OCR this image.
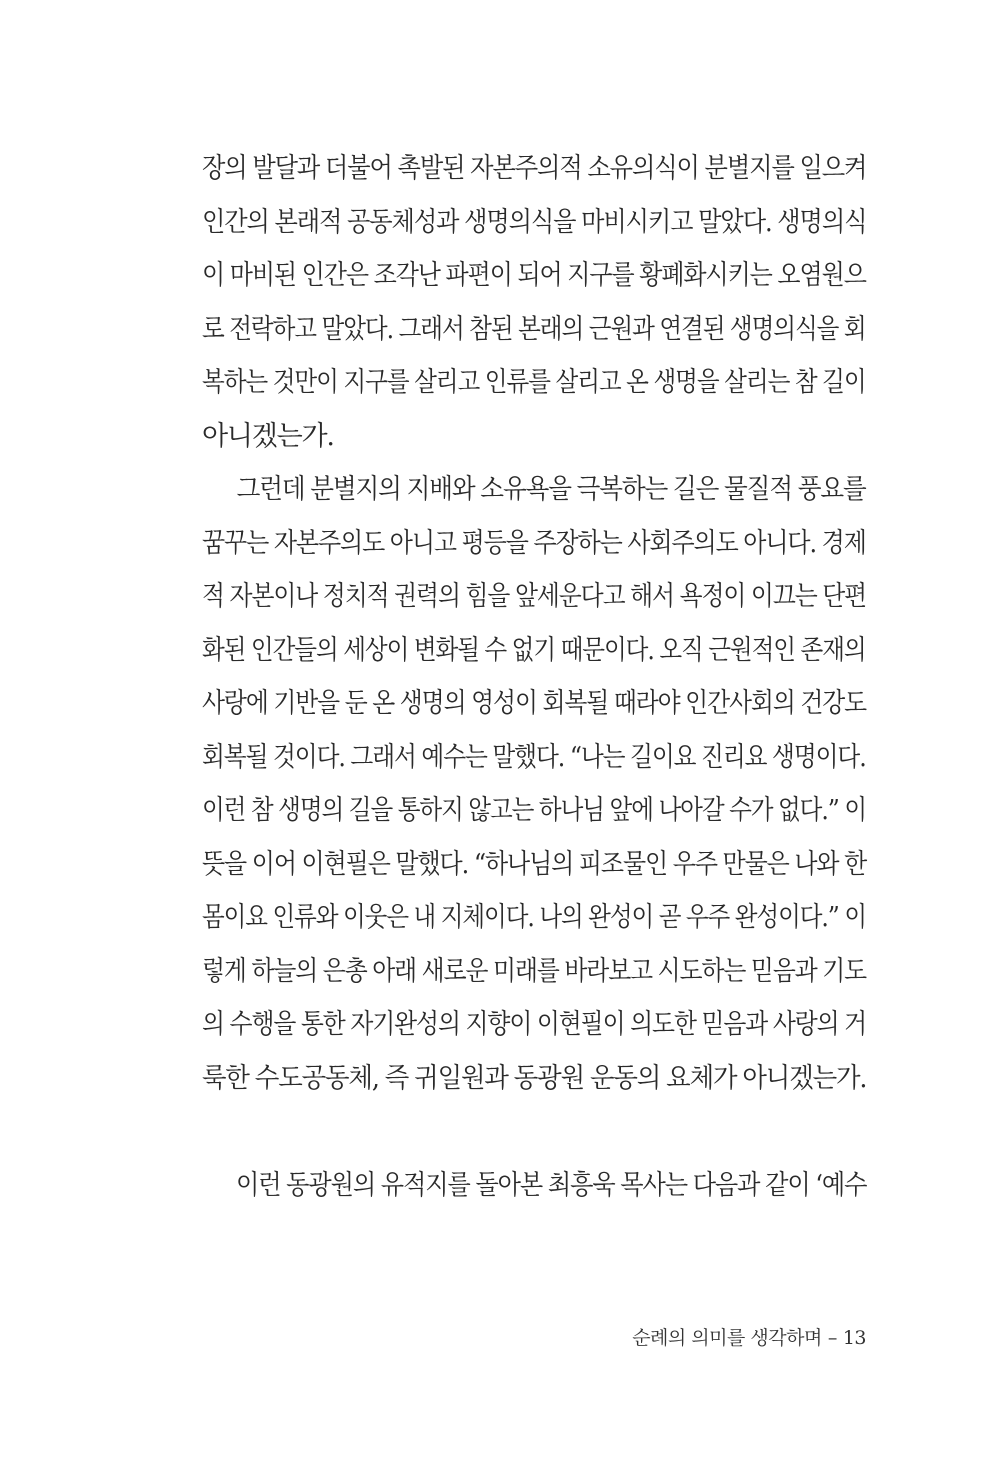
장의 발달과 더불어 촉발된 자본주의적 소유의식이 분별지를 일으켜
인간의 본래적 공동체성과 생명의식을 마비시키고 말았다. 생명의식
이 마비된 인간은 조각난 파편이 되어 지구를 황폐화시키는 오염원으
로 전락하고 말았다. 그래서 참된 본래의 근원과 연결된 생명의식을 회
복하는 것만이 지구를 살리고 인류를 살리고 온 생명을 살리는 참 길이
아니겠는가.
그런데 분별지의 지배와 소유욕을 극복하는 길은 물질적 풍요를
꿈꾸는 자본주의도 아니고 평등을 주장하는 사회주의도 아니다. 경제
적 자본이나 정치적 권력의 힘을 앞세운다고 해서 욕정이 이끄는 단편
화된 인간들의 세상이 변화될 수 없기 때문이다. 오직 근원적인 존재의
사랑에 기반을 둔 온 생명의 영성이 회복될 때라야 인간사회의 건강도
회복될 것이다. 그래서 예수는 말했다. “나는 길이요 진리요 생명이다.
이런 참 생명의 길을 통하지 않고는 하나님 앞에 나아갈 수가 없다.” 이
뜻을 이어 이현필은 말했다. “하나님의 피조물인 우주 만물은 나와 한
몸이요 인류와 이웃은 내 지체이다. 나의 완성이 곧 우주 완성이다.” 이
렇게 하늘의 은총 아래 새로운 미래를 바라보고 시도하는 믿음과 기도
의 수행을 통한 자기완성의 지향이 이현필이 의도한 믿음과 사랑의 거
룩한 수도공동체, 즉 귀일원과 동광원 운동의 요체가 아니겠는가.
이런 동광원의 유적지를 돌아본 최흥욱 목사는 다음과 같이 ‘예수
순례의 의미를 생각하며 – 13
